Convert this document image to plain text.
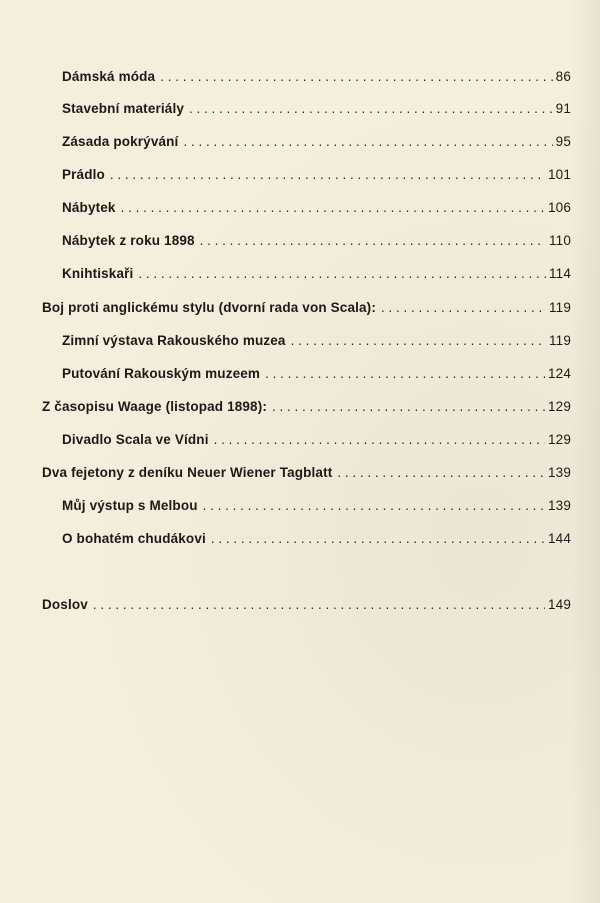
Dámská móda . . .	86
Stavební materiály . . .	91
Zásada pokrývání . . .	95
Prádlo . . .	101
Nábytek . . .	106
Nábytek z roku 1898 . . .	110
Knihtiskaři . . .	114
Boj proti anglickému stylu (dvorní rada von Scala): . . .	119
Zimní výstava Rakouského muzea . . .	119
Putování Rakouským muzeem . . .	124
Z časopisu Waage (listopad 1898): . . .	129
Divadlo Scala ve Vídni . . .	129
Dva fejetony z deníku Neuer Wiener Tagblatt . . .	139
Můj výstup s Melbou . . .	139
O bohatém chudákovi . . .	144
Doslov . . .	149
